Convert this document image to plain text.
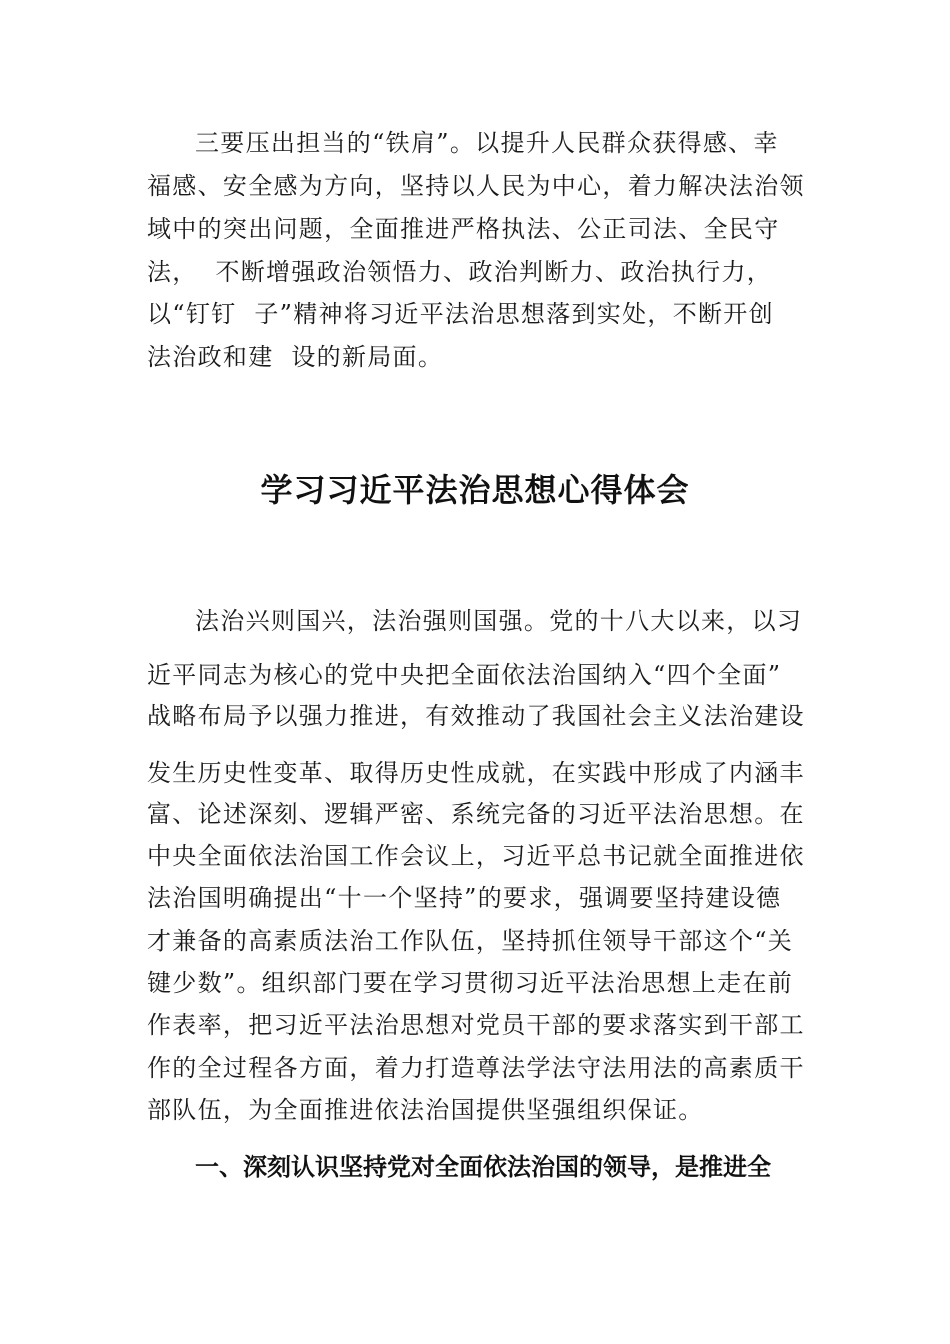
三要压出担当的“铁肩”。以提升人民群众获得感、幸
福感、安全感为方向，坚持以人民为中心，着力解决法治领
域中的突出问题，全面推进严格执法、公正司法、全民守
法，  不断增强政治领悟力、政治判断力、政治执行力，
以“钉钉  子”精神将习近平法治思想落到实处，不断开创
法治政和建  设的新局面。
学习习近平法治思想心得体会
法治兴则国兴，法治强则国强。党的十八大以来，以习
近平同志为核心的党中央把全面依法治国纳入“四个全面”
战略布局予以强力推进，有效推动了我国社会主义法治建设
发生历史性变革、取得历史性成就，在实践中形成了内涵丰
富、论述深刻、逻辑严密、系统完备的习近平法治思想。在
中央全面依法治国工作会议上，习近平总书记就全面推进依
法治国明确提出“十一个坚持”的要求，强调要坚持建设德
才兼备的高素质法治工作队伍，坚持抓住领导干部这个“关
键少数”。组织部门要在学习贯彻习近平法治思想上走在前
作表率，把习近平法治思想对党员干部的要求落实到干部工
作的全过程各方面，着力打造尊法学法守法用法的高素质干
部队伍，为全面推进依法治国提供坚强组织保证。
一、深刻认识坚持党对全面依法治国的领导，是推进全
